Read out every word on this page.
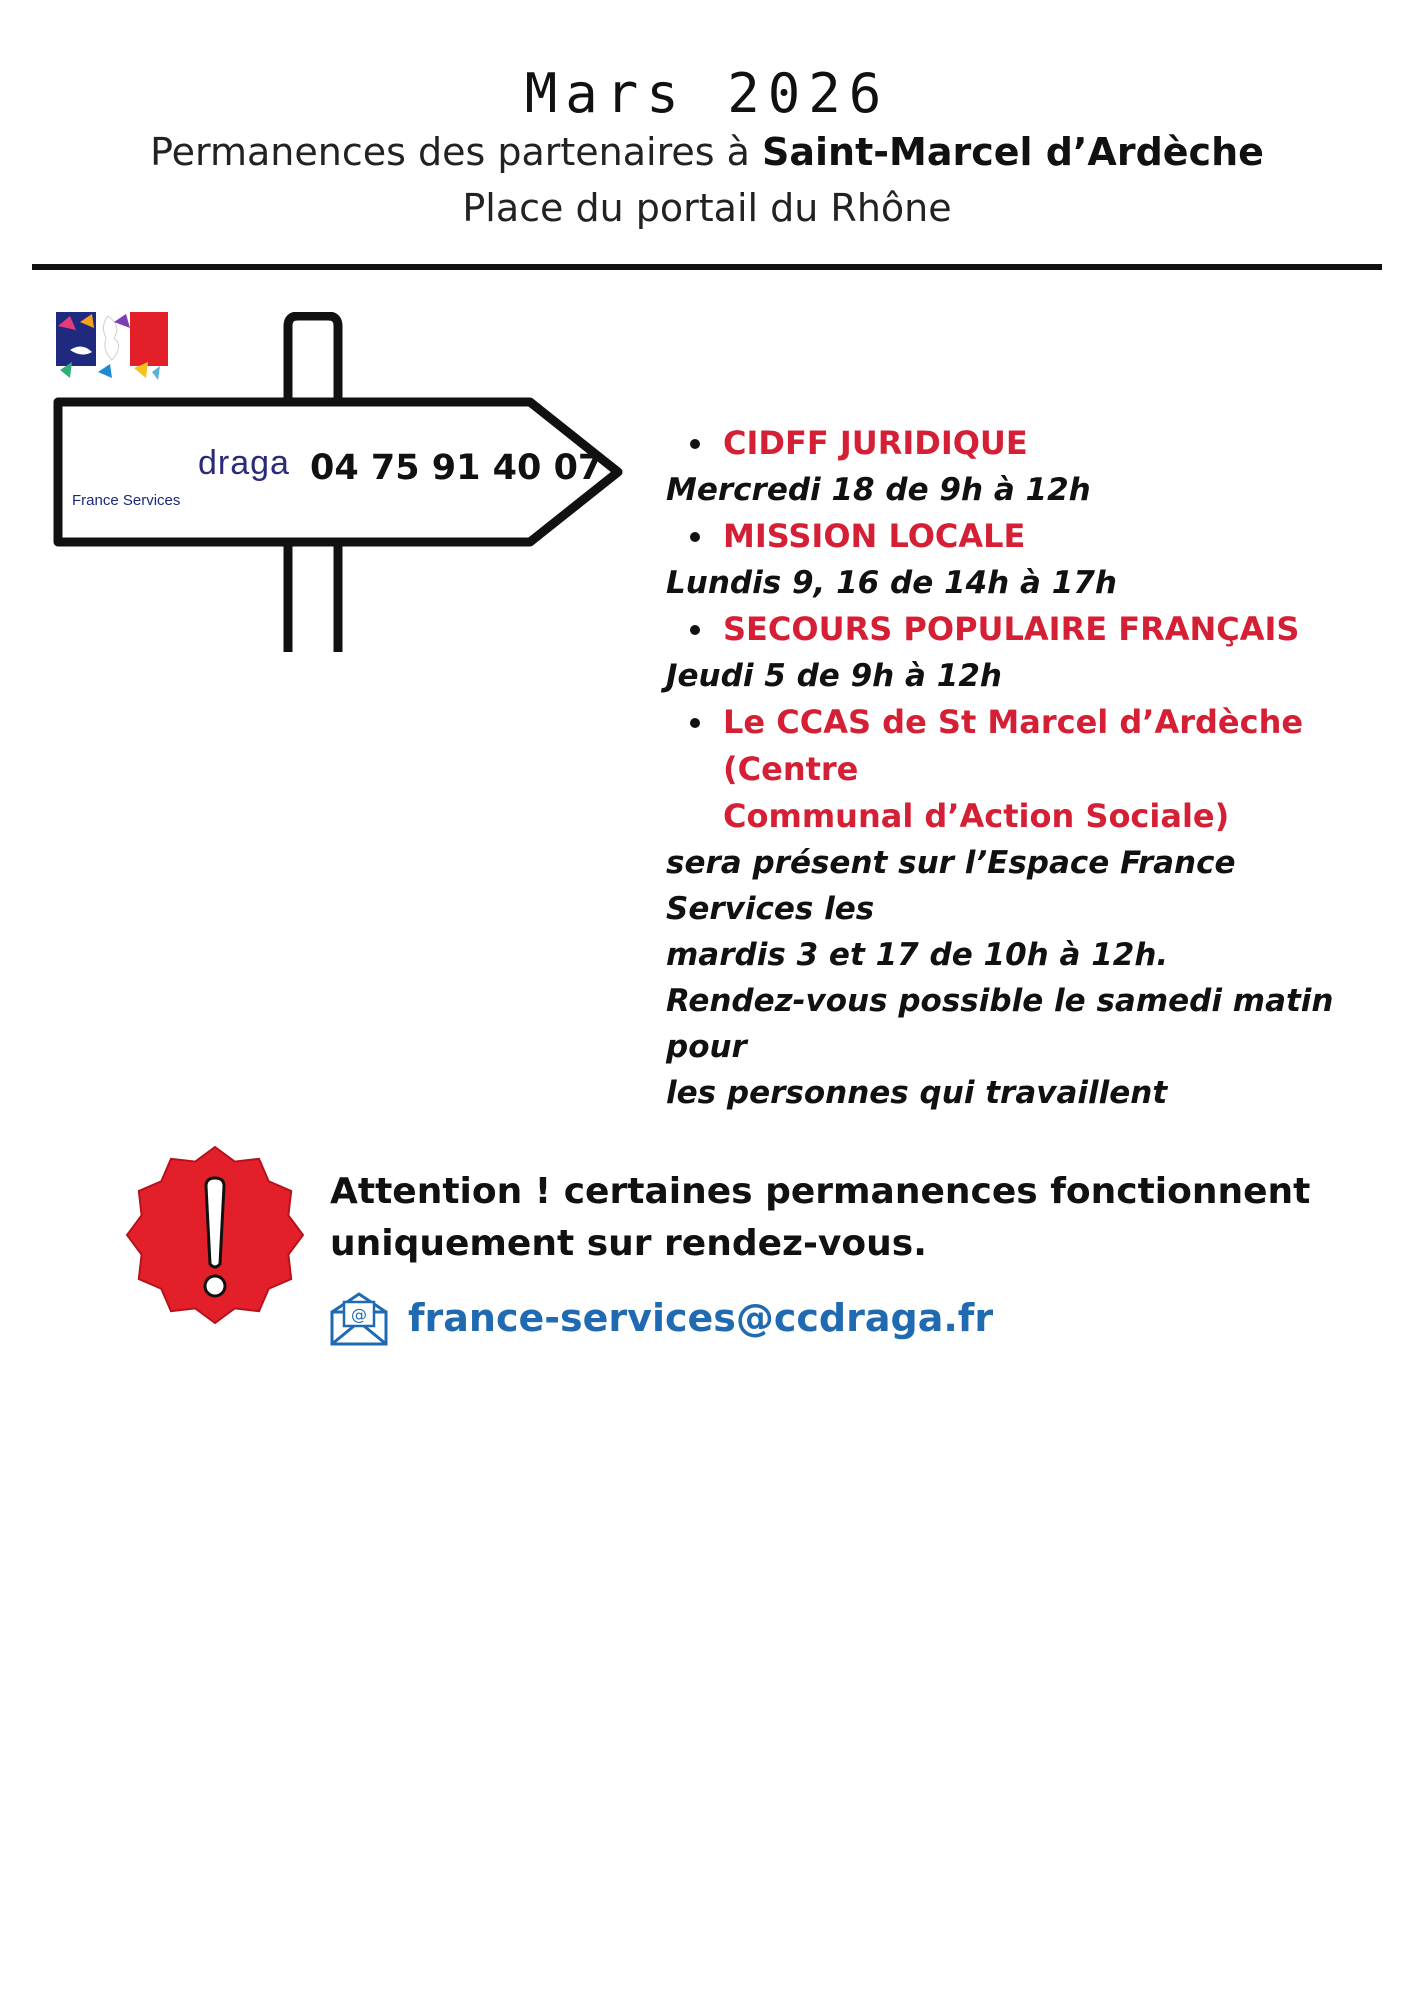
Mars 2026
Permanences des partenaires à Saint-Marcel d’Ardèche
Place du portail du Rhône
France Services
draga 04 75 91 40 07
CIDFF JURIDIQUE
Mercredi 18 de 9h à 12h
MISSION LOCALE
Lundis 9, 16 de 14h à 17h
SECOURS POPULAIRE FRANÇAIS
Jeudi 5 de 9h à 12h
Le CCAS de St Marcel d’Ardèche (Centre
Communal d’Action Sociale)
sera présent sur l’Espace France Services les
mardis 3 et 17 de 10h à 12h.
Rendez-vous possible le samedi matin pour
les personnes qui travaillent
Attention ! certaines permanences fonctionnent
uniquement sur rendez-vous.
@ france-services@ccdraga.fr
